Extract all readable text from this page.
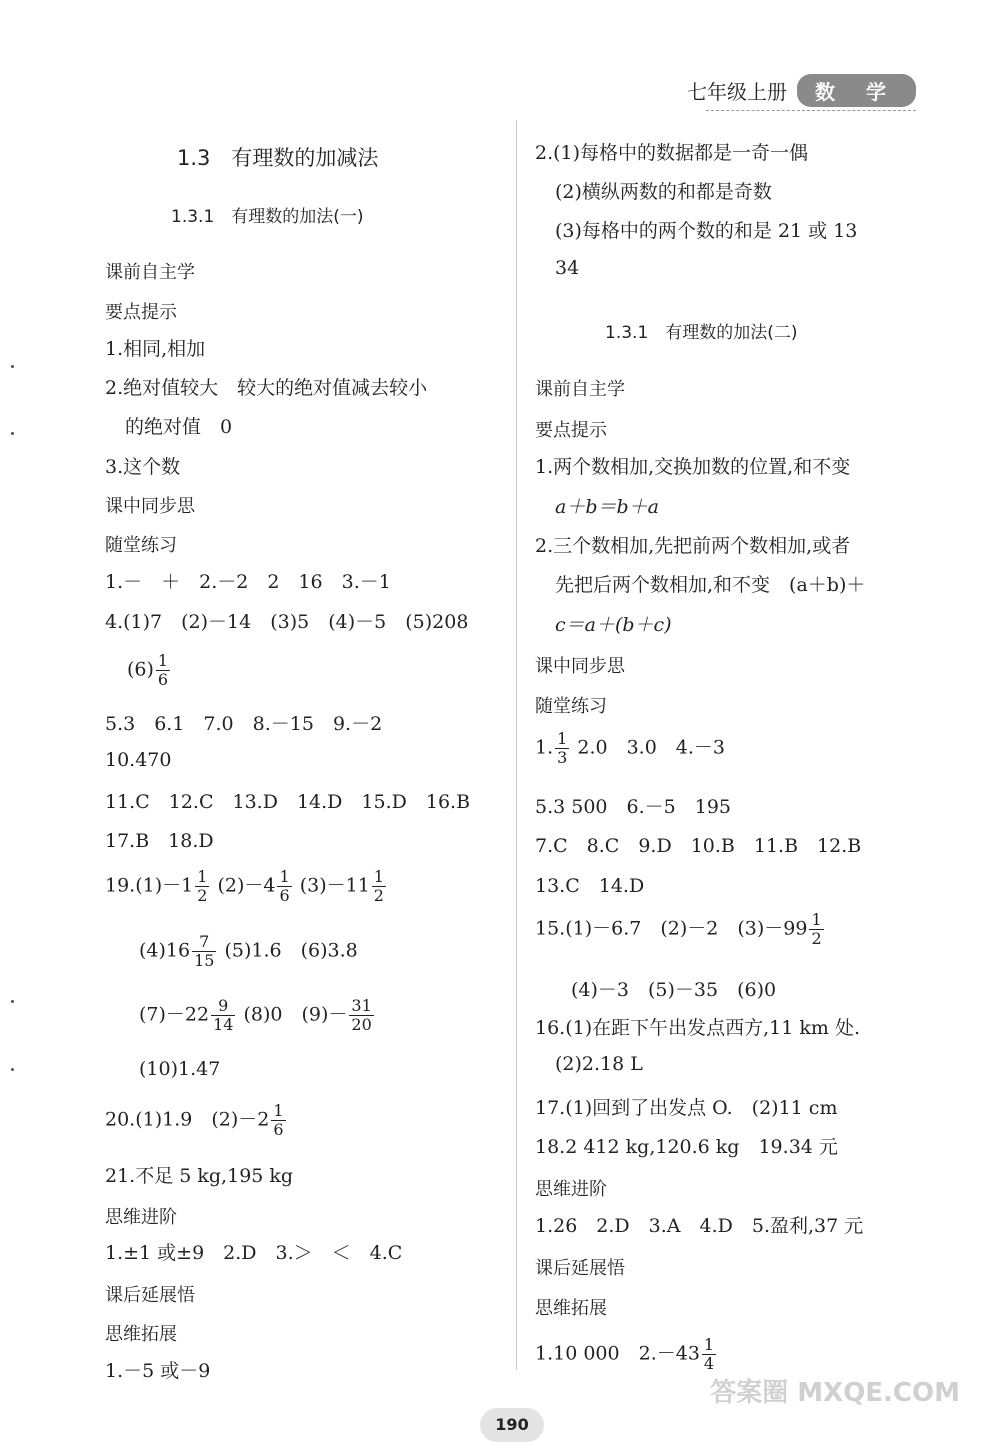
七年级上册	数 学
1.3　有理数的加减法
1.3.1　有理数的加法(一)
课前自主学
要点提示
1.相同,相加
2.绝对值较大　较大的绝对值减去较小
的绝对值　0
3.这个数
课中同步思
随堂练习
1.－　＋　2.－2　2　16　3.－1
4.(1)7　(2)－14　(3)5　(4)－5　(5)208
$(6) \frac{1}{6}$
5.3　6.1　7.0　8.－15　9.－2
10.470
11.C　12.C　13.D　14.D　15.D　16.B
17.B　18.D
$19.(1)-1 \frac{1}{2} (2)-4 \frac{1}{6} (3)-11 \frac{1}{2}$
$(4)16 \frac{7}{15} (5)1.6$　(6)3.8
$(7)-22 \frac{9}{14} (8)0$　$(9)- \frac{31}{20}$
(10)1.47
20.(1)1.9　$(2)-2 \frac{1}{6}$
21.不足 5 kg,195 kg
思维进阶
1.±1 或±9　2.D　3.＞　＜　4.C
课后延展悟
思维拓展
1.－5 或－9
2.(1)每格中的数据都是一奇一偶
(2)横纵两数的和都是奇数
(3)每格中的两个数的和是 21 或 13
34
1.3.1　有理数的加法(二)
课前自主学
要点提示
1.两个数相加,交换加数的位置,和不变
a＋b＝b＋a
2.三个数相加,先把前两个数相加,或者
先把后两个数相加,和不变　(a＋b)＋
c＝a＋(b＋c)
课中同步思
随堂练习
1. $\frac{1}{3} 2.0$　3.0　4.－3
5.3 500　6.－5　195
7.C　8.C　9.D　10.B　11.B　12.B
13.C　14.D
15.(1)－6.7　(2)－2　$(3)-99 \frac{1}{2}$
(4)－3　(5)－35　(6)0
16.(1)在距下午出发点西方,11 km 处.
(2)2.18 L
17.(1)回到了出发点 O.　(2)11 cm
18.2 412 kg,120.6 kg　19.34 元
思维进阶
1.26　2.D　3.A　4.D　5.盈利,37 元
课后延展悟
思维拓展
1.10 000　$2.-43 \frac{1}{4}$
190
答案圈 MXQE.COM
